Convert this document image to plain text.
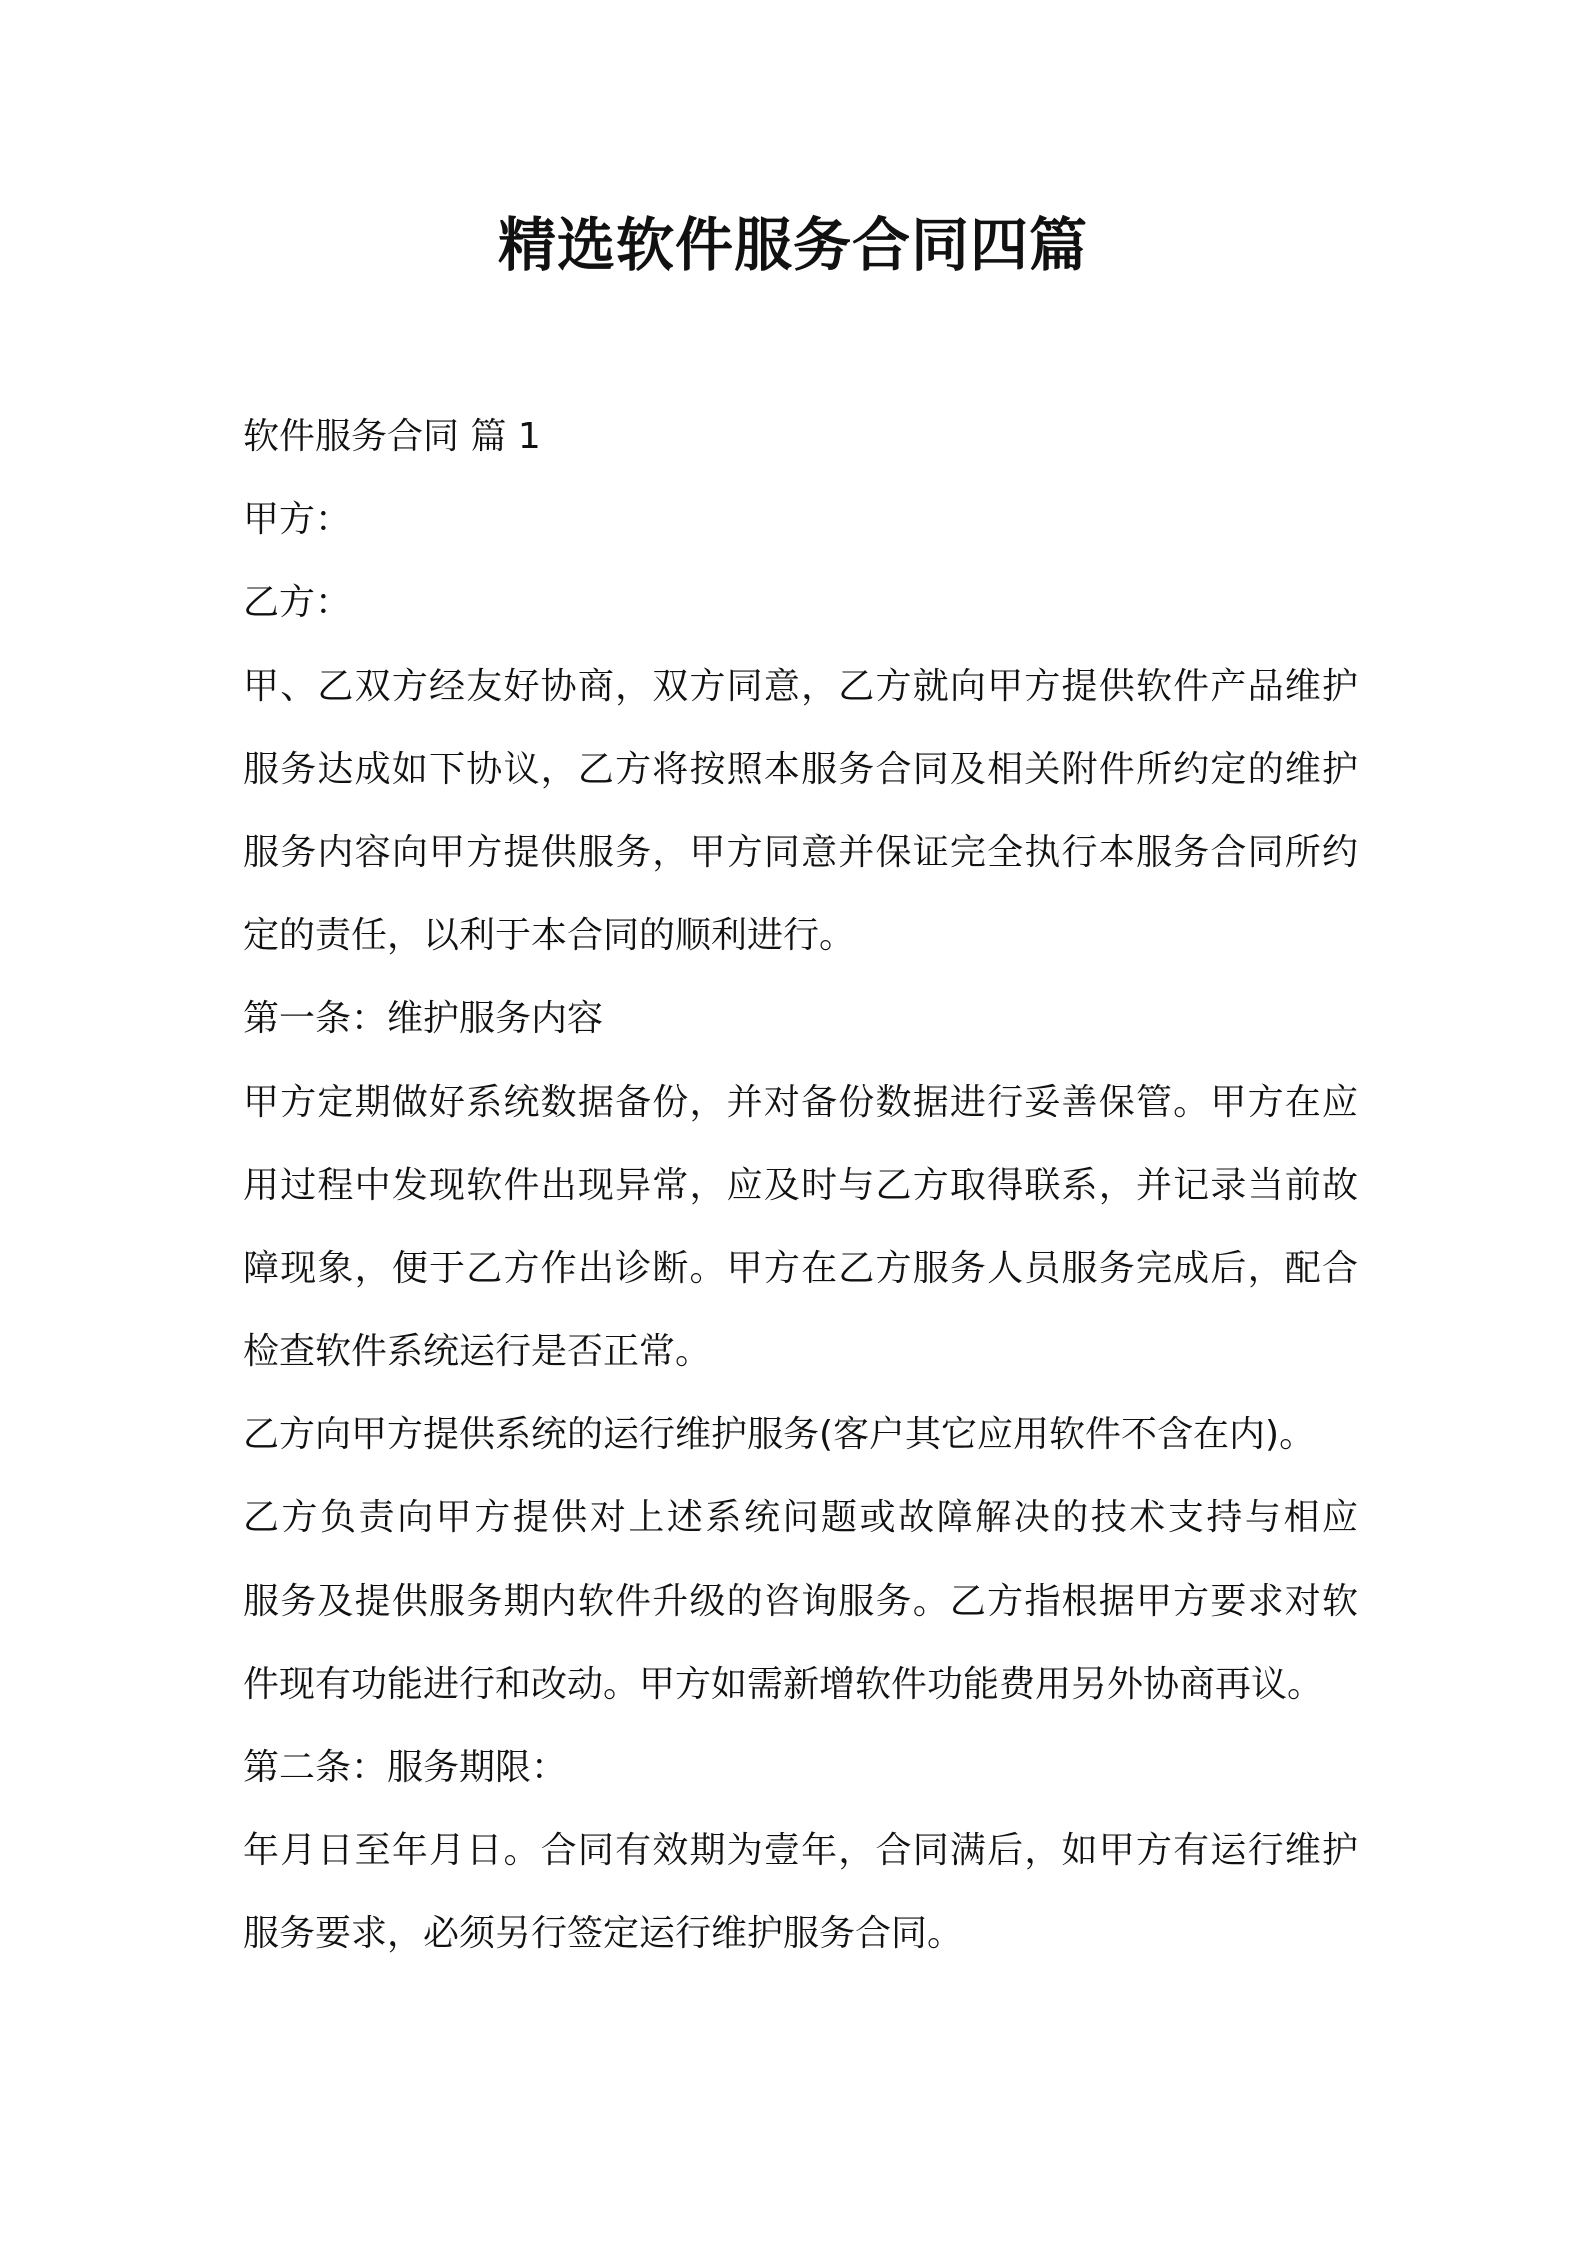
精选软件服务合同四篇

软件服务合同 篇 1

甲方：

乙方：

甲、乙双方经友好协商，双方同意，乙方就向甲方提供软件产品维护

服务达成如下协议，乙方将按照本服务合同及相关附件所约定的维护

服务内容向甲方提供服务，甲方同意并保证完全执行本服务合同所约

定的责任，以利于本合同的顺利进行。

第一条：维护服务内容

甲方定期做好系统数据备份，并对备份数据进行妥善保管。甲方在应

用过程中发现软件出现异常，应及时与乙方取得联系，并记录当前故

障现象，便于乙方作出诊断。甲方在乙方服务人员服务完成后，配合

检查软件系统运行是否正常。

乙方向甲方提供系统的运行维护服务(客户其它应用软件不含在内)。

乙方负责向甲方提供对上述系统问题或故障解决的技术支持与相应

服务及提供服务期内软件升级的咨询服务。乙方指根据甲方要求对软

件现有功能进行和改动。甲方如需新增软件功能费用另外协商再议。

第二条：服务期限：

年月日至年月日。合同有效期为壹年，合同满后，如甲方有运行维护

服务要求，必须另行签定运行维护服务合同。
